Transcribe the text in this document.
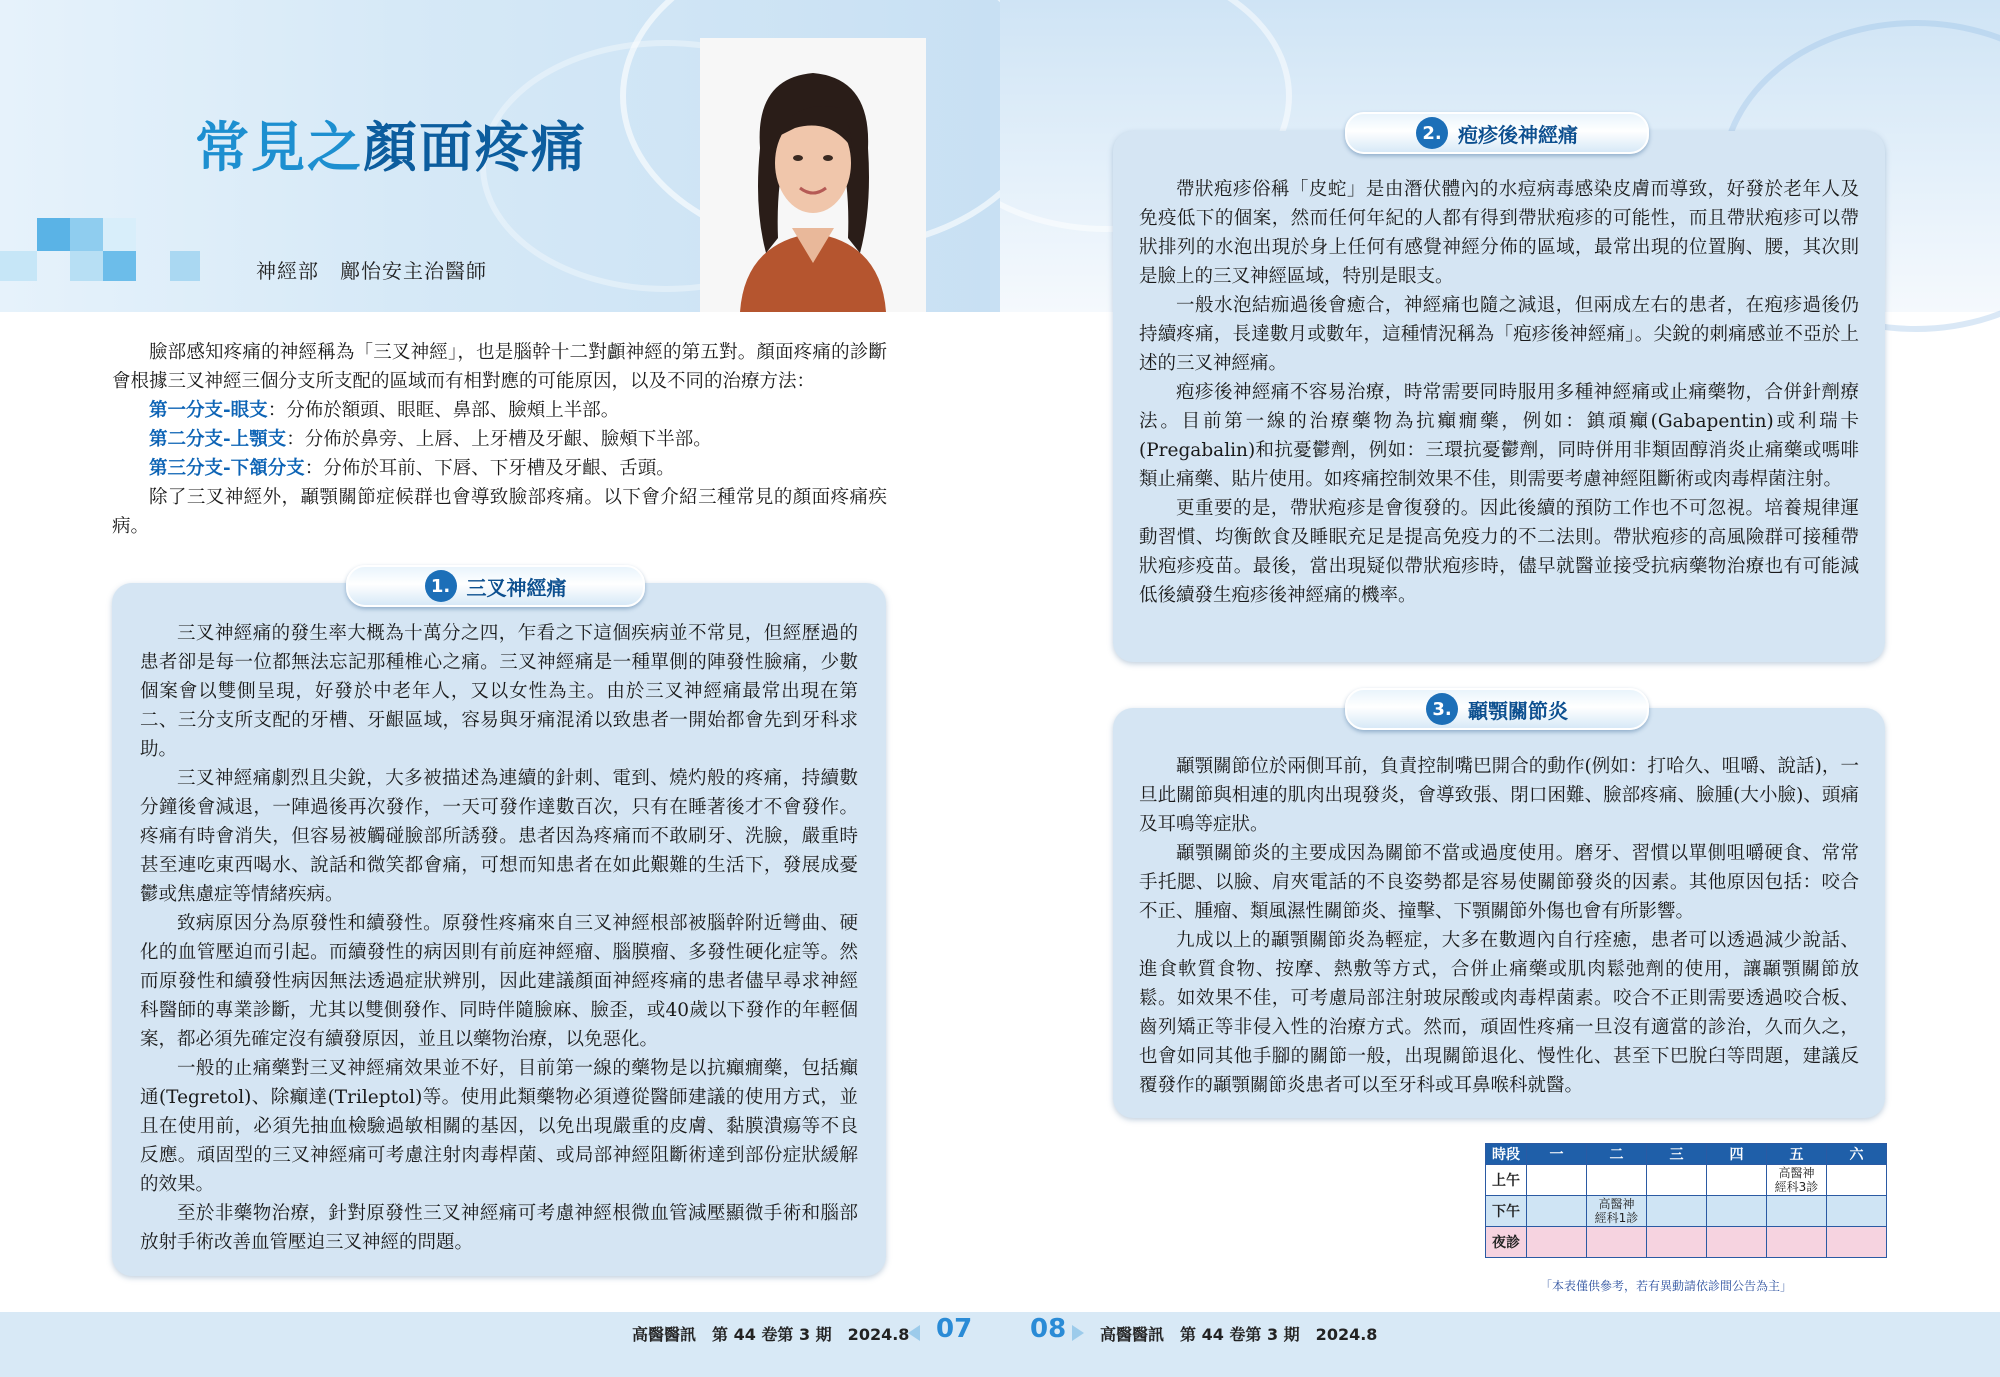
常見之顏面疼痛
神經部　鄺怡安主治醫師

臉部感知疼痛的神經稱為「三叉神經」，也是腦幹十二對顱神經的第五對。顏面疼痛的診斷會根據三叉神經三個分支所支配的區域而有相對應的可能原因，以及不同的治療方法：

第一分支-眼支：分佈於額頭、眼眶、鼻部、臉頰上半部。

第二分支-上顎支：分佈於鼻旁、上唇、上牙槽及牙齦、臉頰下半部。

第三分支-下頷分支：分佈於耳前、下唇、下牙槽及牙齦、舌頭。

除了三叉神經外，顳顎關節症候群也會導致臉部疼痛。以下會介紹三種常見的顏面疼痛疾病。

三叉神經痛的發生率大概為十萬分之四，乍看之下這個疾病並不常見，但經歷過的患者卻是每一位都無法忘記那種椎心之痛。三叉神經痛是一種單側的陣發性臉痛，少數個案會以雙側呈現，好發於中老年人，又以女性為主。由於三叉神經痛最常出現在第二、三分支所支配的牙槽、牙齦區域，容易與牙痛混淆以致患者一開始都會先到牙科求助。

三叉神經痛劇烈且尖銳，大多被描述為連續的針刺、電到、燒灼般的疼痛，持續數分鐘後會減退，一陣過後再次發作，一天可發作達數百次，只有在睡著後才不會發作。疼痛有時會消失，但容易被觸碰臉部所誘發。患者因為疼痛而不敢刷牙、洗臉，嚴重時甚至連吃東西喝水、說話和微笑都會痛，可想而知患者在如此艱難的生活下，發展成憂鬱或焦慮症等情緒疾病。

致病原因分為原發性和續發性。原發性疼痛來自三叉神經根部被腦幹附近彎曲、硬化的血管壓迫而引起。而續發性的病因則有前庭神經瘤、腦膜瘤、多發性硬化症等。然而原發性和續發性病因無法透過症狀辨別，因此建議顏面神經疼痛的患者儘早尋求神經科醫師的專業診斷，尤其以雙側發作、同時伴隨臉麻、臉歪，或40歲以下發作的年輕個案，都必須先確定沒有續發原因，並且以藥物治療，以免惡化。

一般的止痛藥對三叉神經痛效果並不好，目前第一線的藥物是以抗癲癇藥，包括癲通(Tegretol)、除癲達(Trileptol)等。使用此類藥物必須遵從醫師建議的使用方式，並且在使用前，必須先抽血檢驗過敏相關的基因，以免出現嚴重的皮膚、黏膜潰瘍等不良反應。頑固型的三叉神經痛可考慮注射肉毒桿菌、或局部神經阻斷術達到部份症狀緩解的效果。

至於非藥物治療，針對原發性三叉神經痛可考慮神經根微血管減壓顯微手術和腦部放射手術改善血管壓迫三叉神經的問題。

1. 三叉神經痛
高醫醫訊　第 44 卷第 3 期　2024.8 07

帶狀疱疹俗稱「皮蛇」是由潛伏體內的水痘病毒感染皮膚而導致，好發於老年人及免疫低下的個案，然而任何年紀的人都有得到帶狀疱疹的可能性，而且帶狀疱疹可以帶狀排列的水泡出現於身上任何有感覺神經分佈的區域，最常出現的位置胸、腰，其次則是臉上的三叉神經區域，特別是眼支。

一般水泡結痂過後會癒合，神經痛也隨之減退，但兩成左右的患者，在疱疹過後仍持續疼痛，長達數月或數年，這種情況稱為「疱疹後神經痛」。尖銳的刺痛感並不亞於上述的三叉神經痛。

疱疹後神經痛不容易治療，時常需要同時服用多種神經痛或止痛藥物，合併針劑療法。目前第一線的治療藥物為抗癲癇藥，例如：鎮頑癲(Gabapentin)或利瑞卡(Pregabalin)和抗憂鬱劑，例如：三環抗憂鬱劑，同時併用非類固醇消炎止痛藥或嗎啡類止痛藥、貼片使用。如疼痛控制效果不佳，則需要考慮神經阻斷術或肉毒桿菌注射。

更重要的是，帶狀疱疹是會復發的。因此後續的預防工作也不可忽視。培養規律運動習慣、均衡飲食及睡眠充足是提高免疫力的不二法則。帶狀疱疹的高風險群可接種帶狀疱疹疫苗。最後，當出現疑似帶狀疱疹時，儘早就醫並接受抗病藥物治療也有可能減低後續發生疱疹後神經痛的機率。

2. 疱疹後神經痛

顳顎關節位於兩側耳前，負責控制嘴巴開合的動作(例如：打哈久、咀嚼、說話)，一旦此關節與相連的肌肉出現發炎，會導致張、閉口困難、臉部疼痛、臉腫(大小臉)、頭痛及耳鳴等症狀。

顳顎關節炎的主要成因為關節不當或過度使用。磨牙、習慣以單側咀嚼硬食、常常手托腮、以臉、肩夾電話的不良姿勢都是容易使關節發炎的因素。其他原因包括：咬合不正、腫瘤、類風濕性關節炎、撞擊、下顎關節外傷也會有所影響。

九成以上的顳顎關節炎為輕症，大多在數週內自行痊癒，患者可以透過減少說話、進食軟質食物、按摩、熱敷等方式，合併止痛藥或肌肉鬆弛劑的使用，讓顳顎關節放鬆。如效果不佳，可考慮局部注射玻尿酸或肉毒桿菌素。咬合不正則需要透過咬合板、齒列矯正等非侵入性的治療方式。然而，頑固性疼痛一旦沒有適當的診治，久而久之，也會如同其他手腳的關節一般，出現關節退化、慢性化、甚至下巴脫臼等問題，建議反覆發作的顳顎關節炎患者可以至牙科或耳鼻喉科就醫。

3. 顳顎關節炎
08 高醫醫訊　第 44 卷第 3 期　2024.8
時段	一	二	三	四	五	六
上午					高醫神
經科3診	
下午		高醫神
經科1診				
夜診						
「本表僅供參考，若有異動請依診間公告為主」
